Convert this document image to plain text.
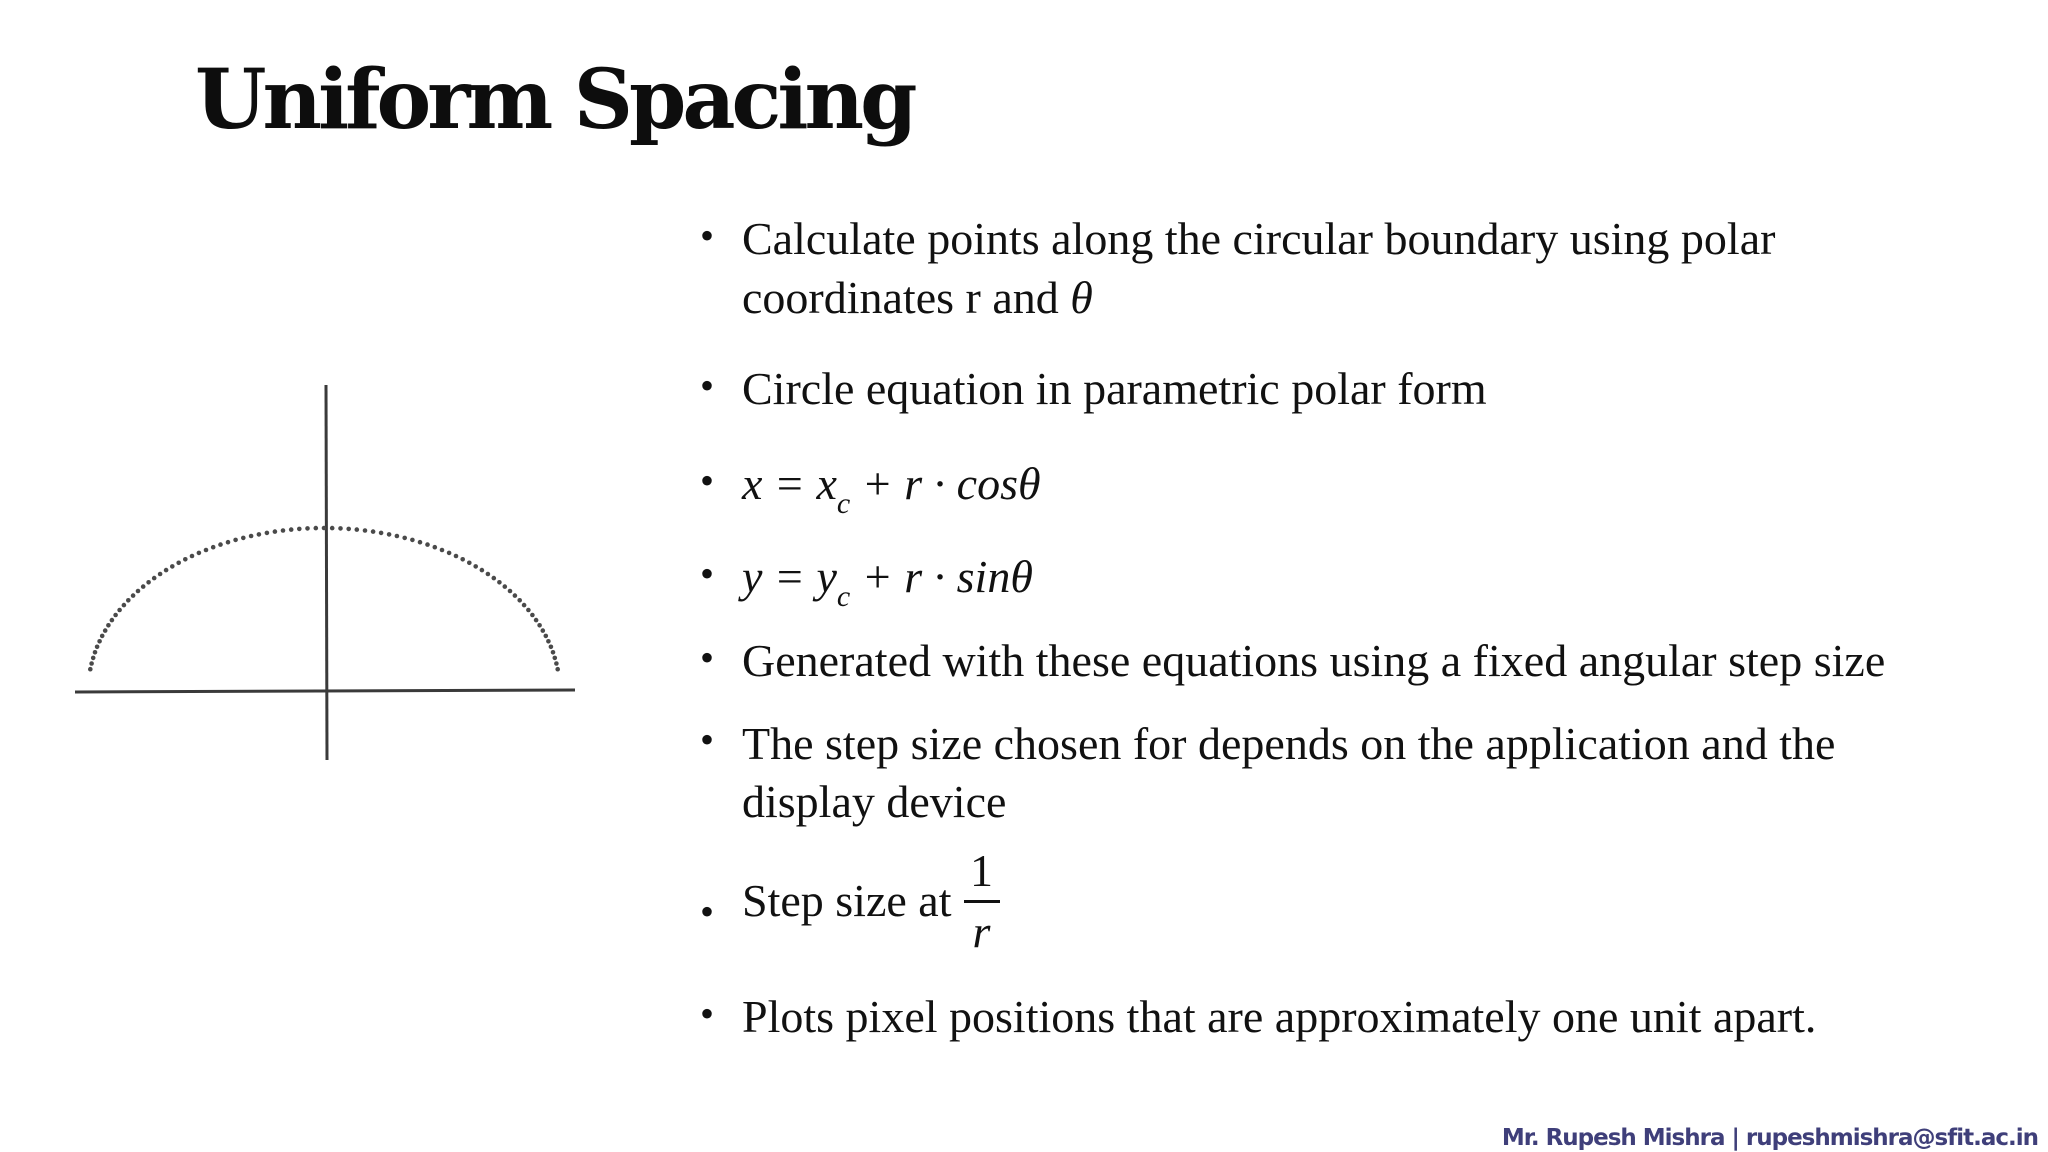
Uniform Spacing
• Calculate points along the circular boundary using polar
coordinates r and θ
• Circle equation in parametric polar form
• $x = x_c + r \cdot \cos\theta$
• $y = y_c + r \cdot \sin\theta$
• Generated with these equations using a fixed angular step size
• The step size chosen for depends on the application and the
display device
• Step size at $\frac{1}{r}$
• Plots pixel positions that are approximately one unit apart.
Mr. Rupesh Mishra | rupeshmishra@sfit.ac.in
